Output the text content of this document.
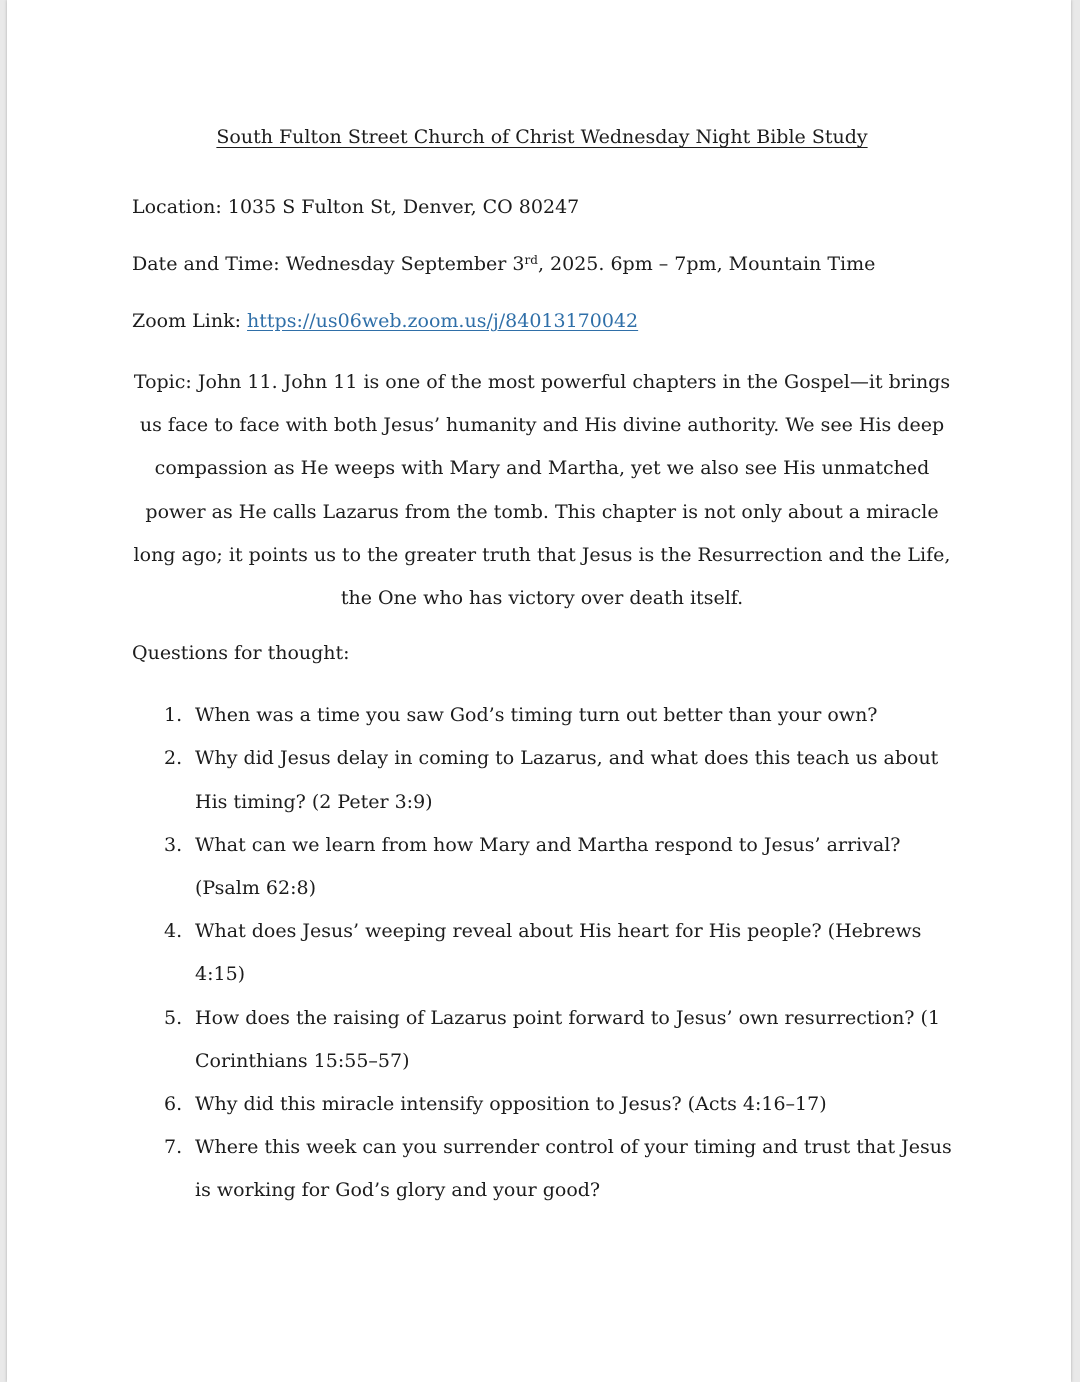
South Fulton Street Church of Christ Wednesday Night Bible Study

Location: 1035 S Fulton St, Denver, CO 80247

Date and Time: Wednesday September 3rd, 2025. 6pm – 7pm, Mountain Time

Zoom Link: https://us06web.zoom.us/j/84013170042

Topic: John 11. John 11 is one of the most powerful chapters in the Gospel—it brings us face to face with both Jesus’ humanity and His divine authority. We see His deep compassion as He weeps with Mary and Martha, yet we also see His unmatched power as He calls Lazarus from the tomb. This chapter is not only about a miracle long ago; it points us to the greater truth that Jesus is the Resurrection and the Life, the One who has victory over death itself.

Questions for thought:

1. When was a time you saw God’s timing turn out better than your own?
2. Why did Jesus delay in coming to Lazarus, and what does this teach us about His timing? (2 Peter 3:9)
3. What can we learn from how Mary and Martha respond to Jesus’ arrival? (Psalm 62:8)
4. What does Jesus’ weeping reveal about His heart for His people? (Hebrews 4:15)
5. How does the raising of Lazarus point forward to Jesus’ own resurrection? (1 Corinthians 15:55–57)
6. Why did this miracle intensify opposition to Jesus? (Acts 4:16–17)
7. Where this week can you surrender control of your timing and trust that Jesus is working for God’s glory and your good?
